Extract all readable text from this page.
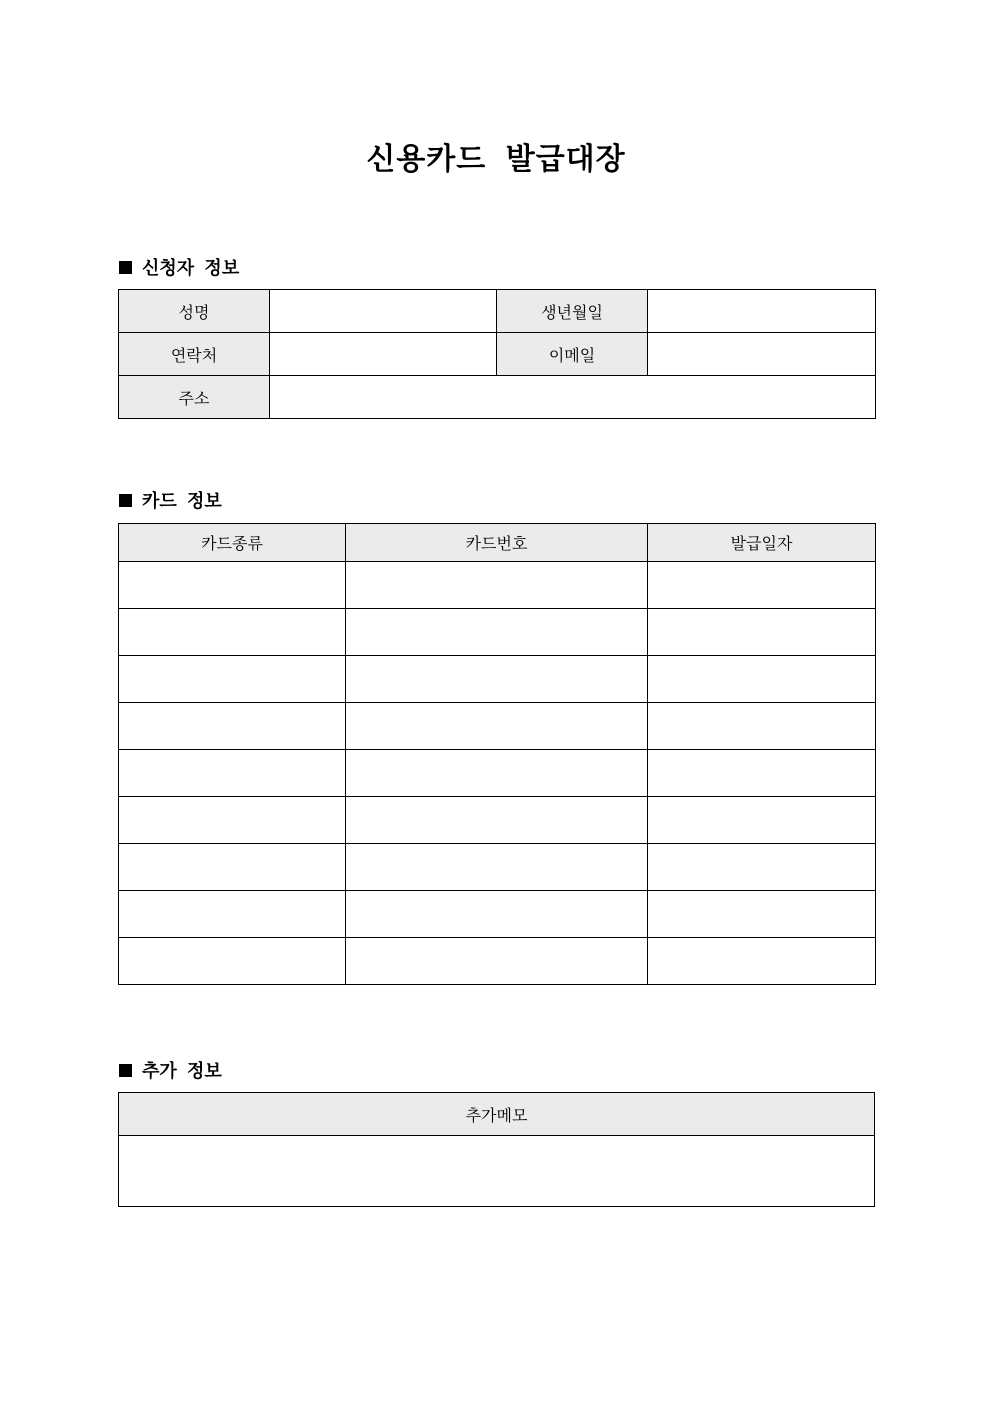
신용카드 발급대장
신청자 정보
성명		생년월일	
연락처		이메일	
주소			
카드 정보
카드종류	카드번호	발급일자

추가 정보
추가메모
